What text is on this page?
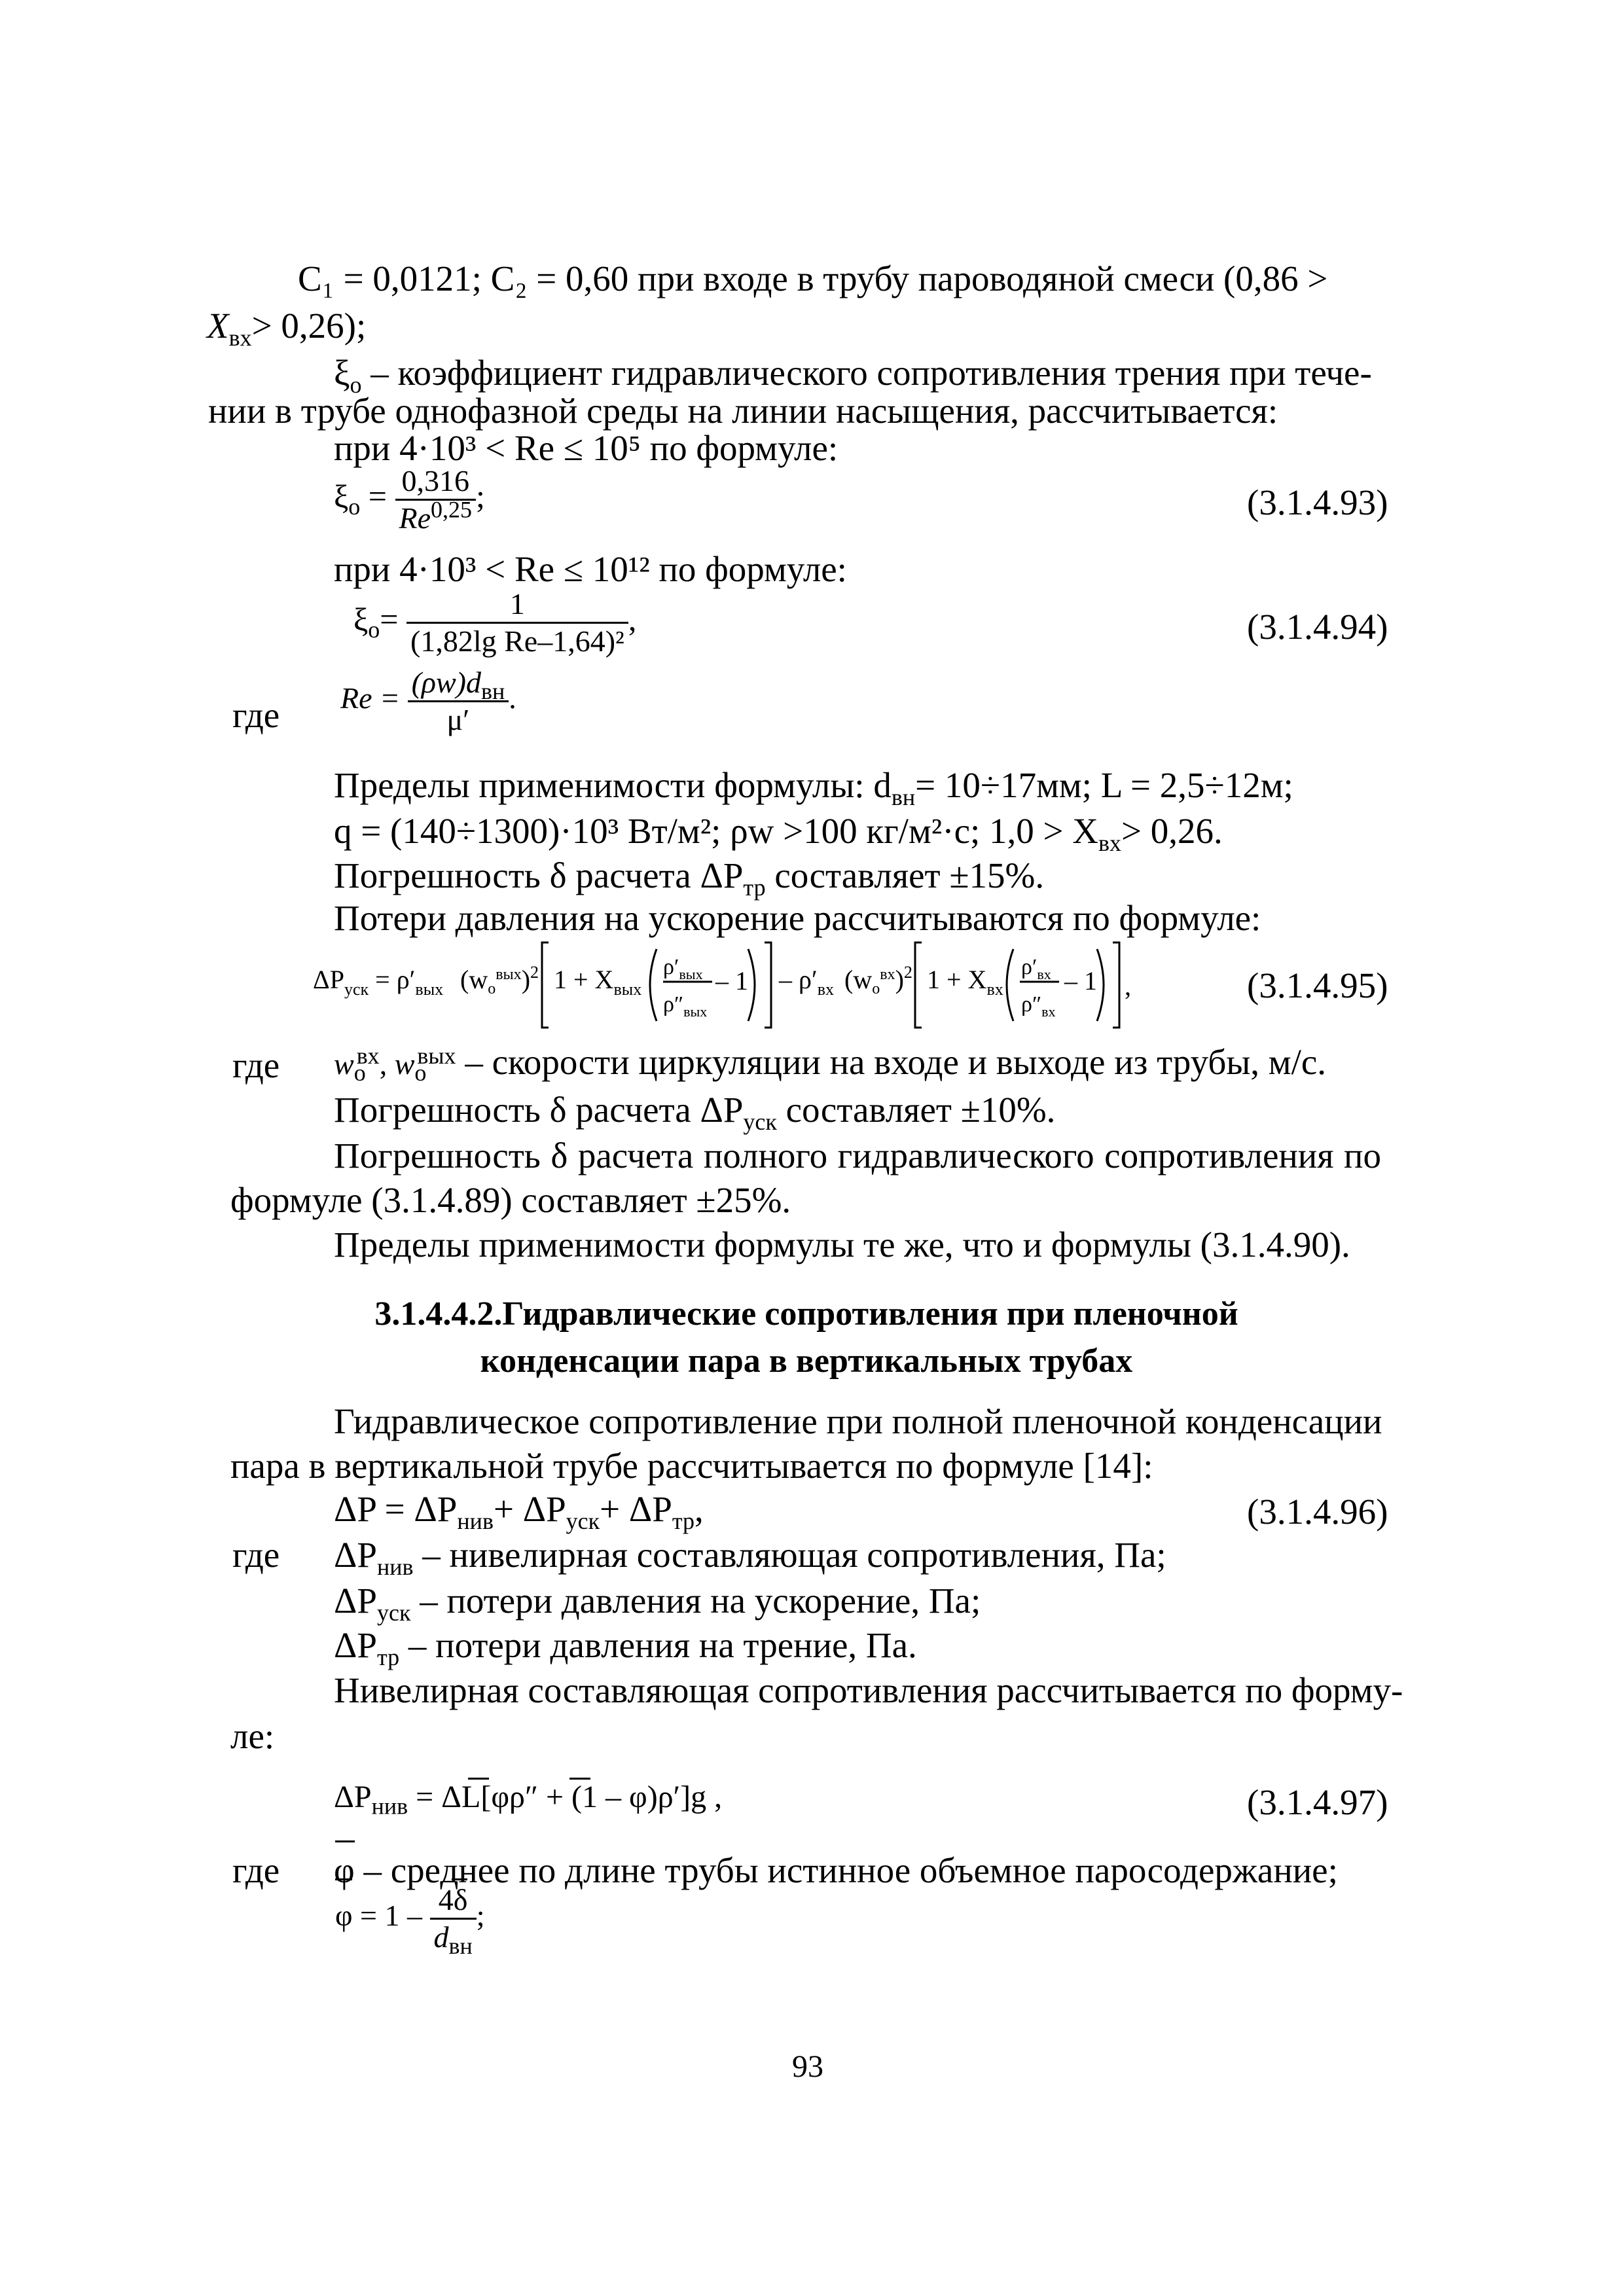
C₁ = 0,0121; C₂ = 0,60 при входе в трубу пароводяной смеси (0,86 >
$X_{вх}> 0,26$);
$\xi_o$ – коэффициент гидравлического сопротивления трения при тече-
нии в трубе однофазной среды на линии насыщения, рассчитывается:
при 4·10³ < Re ≤ 10⁵ по формуле:
$\xi_o = \frac{0,316}{Re^{0,25}}$ ;	(3.1.4.93)
при 4·10³ < Re ≤ 10¹² по формуле:
$\xi_o= \frac{1}{\text{(1,82lg Re–1,64)²}}$ ,	(3.1.4.94)
где $Re = \frac{(\rho w)d_{вн}}{\mu'}$ .
Пределы применимости формулы: $d_{вн}= 10\div 17мм$; L = 2,5÷12м;
q = (140÷1300)·10³ Вт/м²; ρw >100 кг/м²·с; $1,0 > X_{вх}> 0,26$.
Погрешность δ расчета $\Delta P_{тр}$ составляет ±15%.
Потери давления на ускорение рассчитываются по формуле:
$\Delta P_{уск} = \rho'_{вых}$ $(w_o^{вых})^2$ $1 + X_{вых}$
$\rho'_{вых}$
$\rho''_{вых}$
– $1 - \rho'_{вх}$ $(w_o^{вх})^2$ $1 + X_{вх}$
$\rho'_{вх}$
$\rho''_{вх}$
– 1 ,	(3.1.4.95)
где $w_o^{вх}$, $w_o^{вых}$ – скорости циркуляции на входе и выходе из трубы, м/с.
Погрешность δ расчета $\Delta P_{уск}$ составляет ±10%.
Погрешность δ расчета полного гидравлического сопротивления по
формуле (3.1.4.89) составляет ±25%.
Пределы применимости формулы те же, что и формулы (3.1.4.90).
3.1.4.4.2.Гидравлические сопротивления при пленочной
конденсации пара в вертикальных трубах
Гидравлическое сопротивление при полной пленочной конденсации
пара в вертикальной трубе рассчитывается по формуле [14]:
$\Delta P = \Delta P_{нив}+ \Delta P_{уск}+ \Delta P_{тр}$,	(3.1.4.96)
где $\Delta P_{нив}$ – нивелирная составляющая сопротивления, Па;
$\Delta P_{уск}$ – потери давления на ускорение, Па;
$\Delta P_{тр}$ – потери давления на трение, Па.
Нивелирная составляющая сопротивления рассчитывается по форму-
ле:
$\Delta P_{нив} = \Delta L[\varphi\rho'' + (1 - \varphi)\rho']g$ ,	(3.1.4.97)
где φ – среднее по длине трубы истинное объемное паросодержание;
$\varphi = 1 - \frac{4\delta}{d_{вн}}$ ;
93
